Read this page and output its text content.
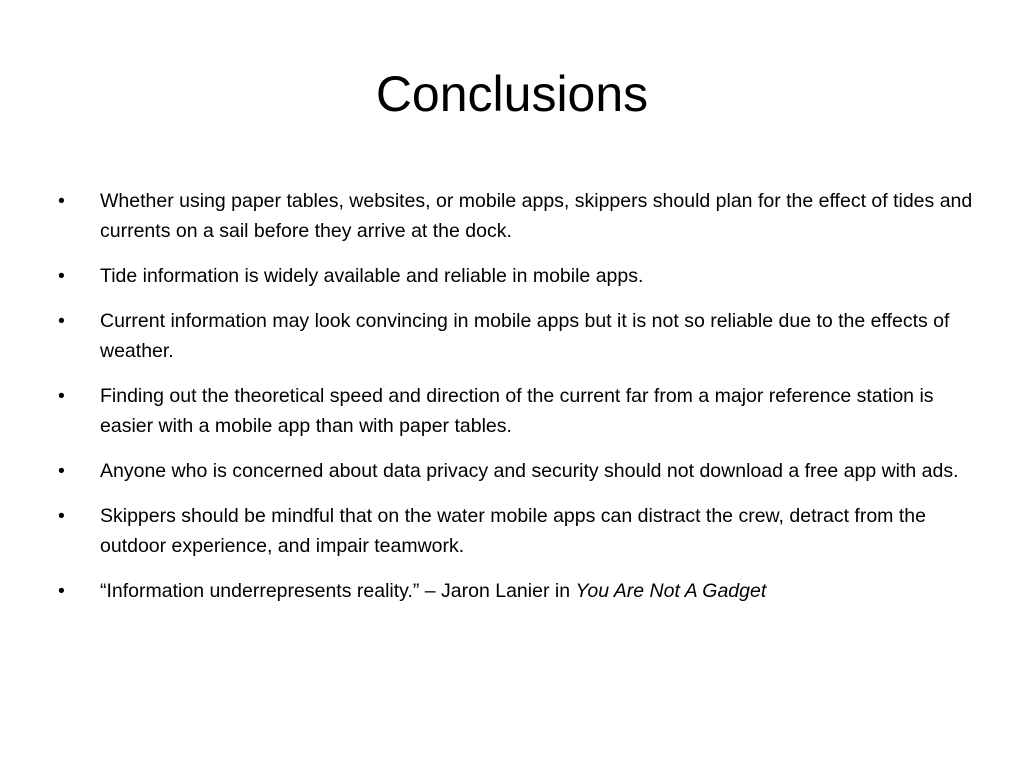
Conclusions
•	Whether using paper tables, websites, or mobile apps, skippers should plan for the effect of tides and currents on a sail before they arrive at the dock.
•	Tide information is widely available and reliable in mobile apps.
•	Current information may look convincing in mobile apps but it is not so reliable due to the effects of weather.
•	Finding out the theoretical speed and direction of the current far from a major reference station is easier with a mobile app than with paper tables.
•	Anyone who is concerned about data privacy and security should not download a free app with ads.
•	Skippers should be mindful that on the water mobile apps can distract the crew, detract from the outdoor experience, and impair teamwork.
•	“Information underrepresents reality.” – Jaron Lanier in You Are Not A Gadget
